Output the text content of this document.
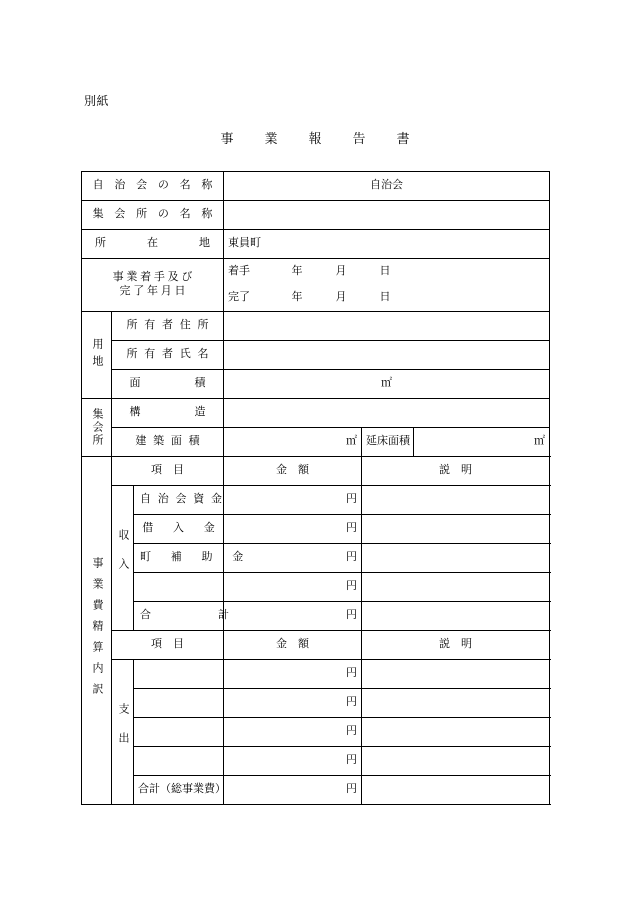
別紙
事　業　報　告　書
自 治 会 の 名 称			自治会		
集 会 所 の 名 称					
所　　　在　　　地			東員町		

事 業 着 手 及 び
完 了 年 月 日			着手 年　　　月　　　日		
			完了 年　　　月　　　日		

用地	所 有 者 住 所				
	所 有 者 氏 名				
	面　　　　積		㎡		

集会所	構　　　　造				
	建 築 面 積		㎡	延床面積	㎡

事業費精算内訳	項　目		金　額	説　明	

	収入	自 治 会 資 金	円		
		借　 入 　金	円		
		町 　補 　助 　金	円		
			円		
		合　　　　　計	円		
	項　目		金　額	説　明	

	支出		円		
			円		
			円		
			円		
		合計（総事業費）	円		
